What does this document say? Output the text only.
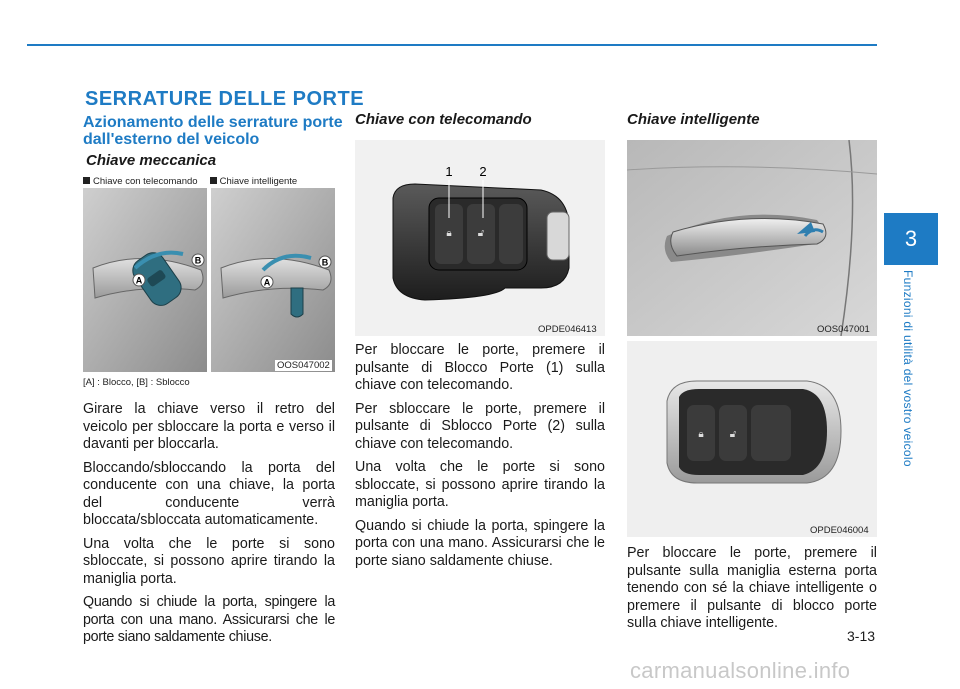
SERRATURE DELLE PORTE
Azionamento delle serrature porte dall'esterno del veicolo
Chiave meccanica
Chiave con telecomando	Chiave intelligente
A
B
A
B
OOS047002
[A] : Blocco, [B] : Sblocco

Girare la chiave verso il retro del veicolo per sbloccare la porta e verso il davanti per bloccarla.

Bloccando/sbloccando la porta del conducente con una chiave, la porta del conducente verrà bloccata/sbloccata automaticamente.

Una volta che le porte si sono sbloccate, si possono aprire tirando la maniglia porta.

Quando si chiude la porta, spingere la porta con una mano. Assicurarsi che le porte siano saldamente chiuse.

Chiave con telecomando
🔒︎	🔓︎
1 2
OPDE046413

Per bloccare le porte, premere il pulsante di Blocco Porte (1) sulla chiave con telecomando.

Per sbloccare le porte, premere il pulsante di Sblocco Porte (2) sulla chiave con telecomando.

Una volta che le porte si sono sbloccate, si possono aprire tirando la maniglia porta.

Quando si chiude la porta, spingere la porta con una mano. Assicurarsi che le porte siano saldamente chiuse.

Chiave intelligente
OOS047001
🔒︎	🔓︎
OPDE046004

Per bloccare le porte, premere il pulsante sulla maniglia esterna porta tenendo con sé la chiave intelligente o premere il pulsante di blocco porte sulla chiave intelligente.

3
Funzioni di utilità del vostro veicolo
3-13
carmanualsonline.info
